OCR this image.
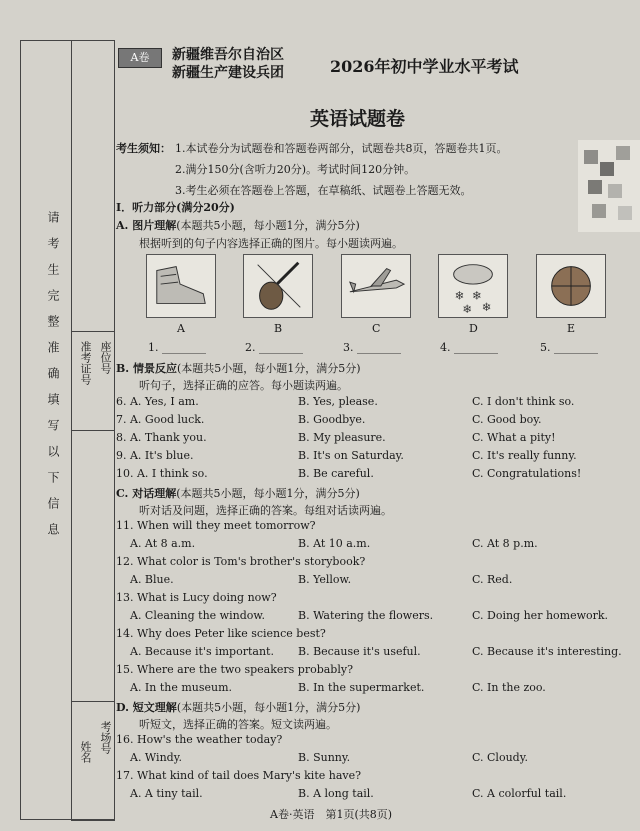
请考生完整准确填写以下信息 准考证号 座位号
姓名 考场号
A卷	新疆维吾尔自治区
新疆生产建设兵团	2026年初中学业水平考试
英语试题卷
考生须知： 1.本试卷分为试题卷和答题卷两部分，试题卷共8页，答题卷共1页。
2.满分150分(含听力20分)。考试时间120分钟。
3.考生必须在答题卷上答题，在草稿纸、试题卷上答题无效。
Ⅰ．听力部分(满分20分)
A. 图片理解(本题共5小题，每小题1分，满分5分)
根据听到的句子内容选择正确的图片。每小题读两遍。
❄ ❄
❄ ❄
A	B	C	D	E
1. ________	2. ________	3. ________	4. ________	5. ________
B. 情景反应(本题共5小题，每小题1分，满分5分)
听句子，选择正确的应答。每小题读两遍。
6. A. Yes, I am.	B. Yes, please.	C. I don't think so.
7. A. Good luck.	B. Goodbye.	C. Good boy.
8. A. Thank you.	B. My pleasure.	C. What a pity!
9. A. It's blue.	B. It's on Saturday.	C. It's really funny.
10. A. I think so.	B. Be careful.	C. Congratulations!
C. 对话理解(本题共5小题，每小题1分，满分5分)
听对话及问题，选择正确的答案。每组对话读两遍。
11. When will they meet tomorrow?
A. At 8 a.m.	B. At 10 a.m.	C. At 8 p.m.
12. What color is Tom's brother's storybook?
A. Blue.	B. Yellow.	C. Red.
13. What is Lucy doing now?
A. Cleaning the window.	B. Watering the flowers.	C. Doing her homework.
14. Why does Peter like science best?
A. Because it's important. B. Because it's useful.	C. Because it's interesting.
15. Where are the two speakers probably?
A. In the museum.	B. In the supermarket.	C. In the zoo.
D. 短文理解(本题共5小题，每小题1分，满分5分)
听短文，选择正确的答案。短文读两遍。
16. How's the weather today?
A. Windy.	B. Sunny.	C. Cloudy.
17. What kind of tail does Mary's kite have?
A. A tiny tail.	B. A long tail.	C. A colorful tail.
A卷·英语　第1页(共8页)
